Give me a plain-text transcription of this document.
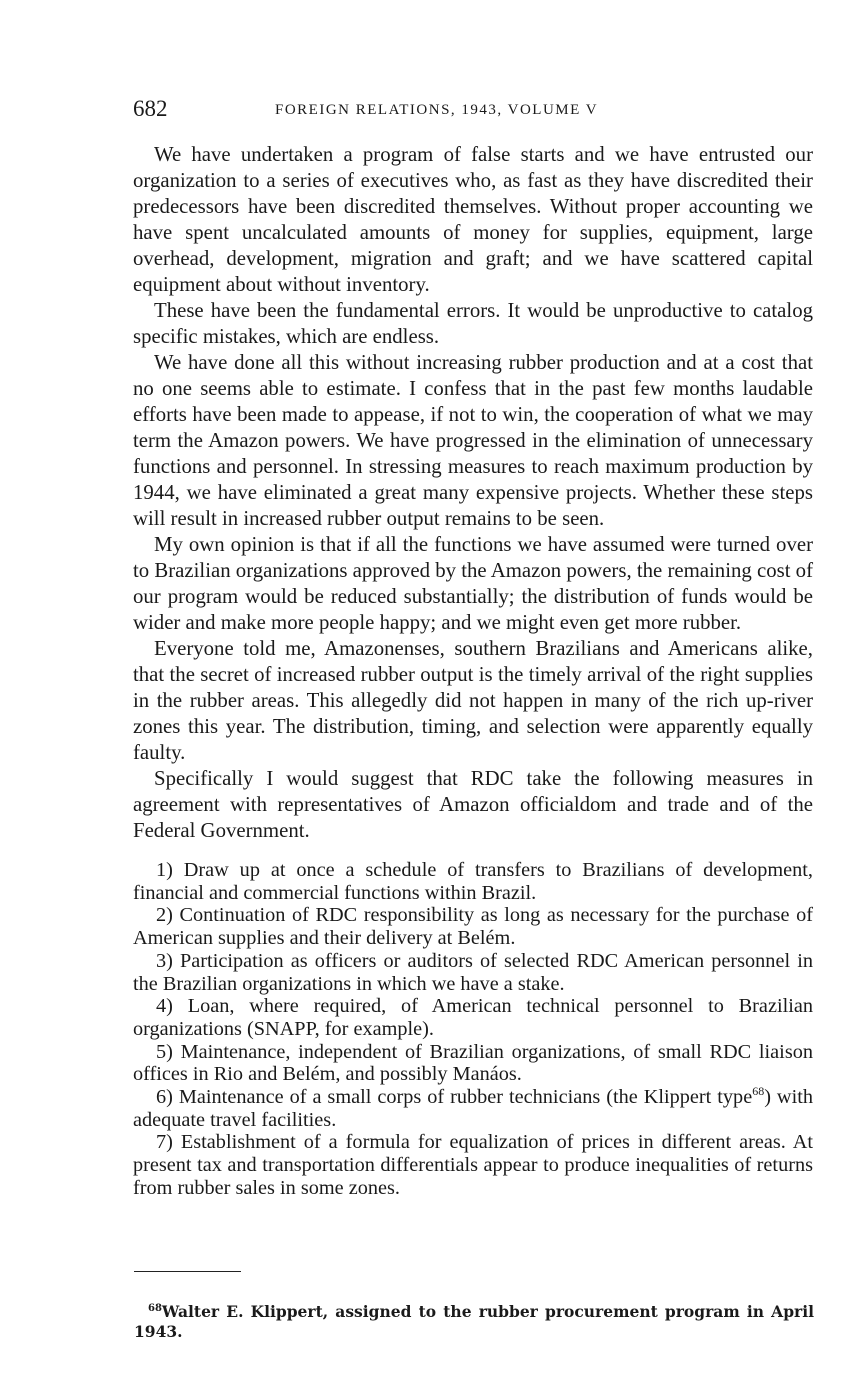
682	FOREIGN RELATIONS, 1943, VOLUME V

We have undertaken a program of false starts and we have entrusted our organization to a series of executives who, as fast as they have discredited their predecessors have been discredited themselves. Without proper accounting we have spent uncalculated amounts of money for supplies, equipment, large overhead, development, migration and graft; and we have scattered capital equipment about without inventory.

These have been the fundamental errors. It would be unproductive to catalog specific mistakes, which are endless.

We have done all this without increasing rubber production and at a cost that no one seems able to estimate. I confess that in the past few months laudable efforts have been made to appease, if not to win, the cooperation of what we may term the Amazon powers. We have progressed in the elimination of unnecessary functions and personnel. In stressing measures to reach maximum production by 1944, we have eliminated a great many expensive projects. Whether these steps will result in increased rubber output remains to be seen.

My own opinion is that if all the functions we have assumed were turned over to Brazilian organizations approved by the Amazon powers, the remaining cost of our program would be reduced substantially; the distribution of funds would be wider and make more people happy; and we might even get more rubber.

Everyone told me, Amazonenses, southern Brazilians and Americans alike, that the secret of increased rubber output is the timely arrival of the right supplies in the rubber areas. This allegedly did not happen in many of the rich up-river zones this year. The distribution, timing, and selection were apparently equally faulty.

Specifically I would suggest that RDC take the following measures in agreement with representatives of Amazon officialdom and trade and of the Federal Government.

1) Draw up at once a schedule of transfers to Brazilians of development, financial and commercial functions within Brazil.

2) Continuation of RDC responsibility as long as necessary for the purchase of American supplies and their delivery at Belém.

3) Participation as officers or auditors of selected RDC American personnel in the Brazilian organizations in which we have a stake.

4) Loan, where required, of American technical personnel to Brazilian organizations (SNAPP, for example).

5) Maintenance, independent of Brazilian organizations, of small RDC liaison offices in Rio and Belém, and possibly Manáos.

6) Maintenance of a small corps of rubber technicians (the Klippert type$^{68}$) with adequate travel facilities.

7) Establishment of a formula for equalization of prices in different areas. At present tax and transportation differentials appear to produce inequalities of returns from rubber sales in some zones.

$^{68}$Walter E. Klippert, assigned to the rubber procurement program in April 1943.
